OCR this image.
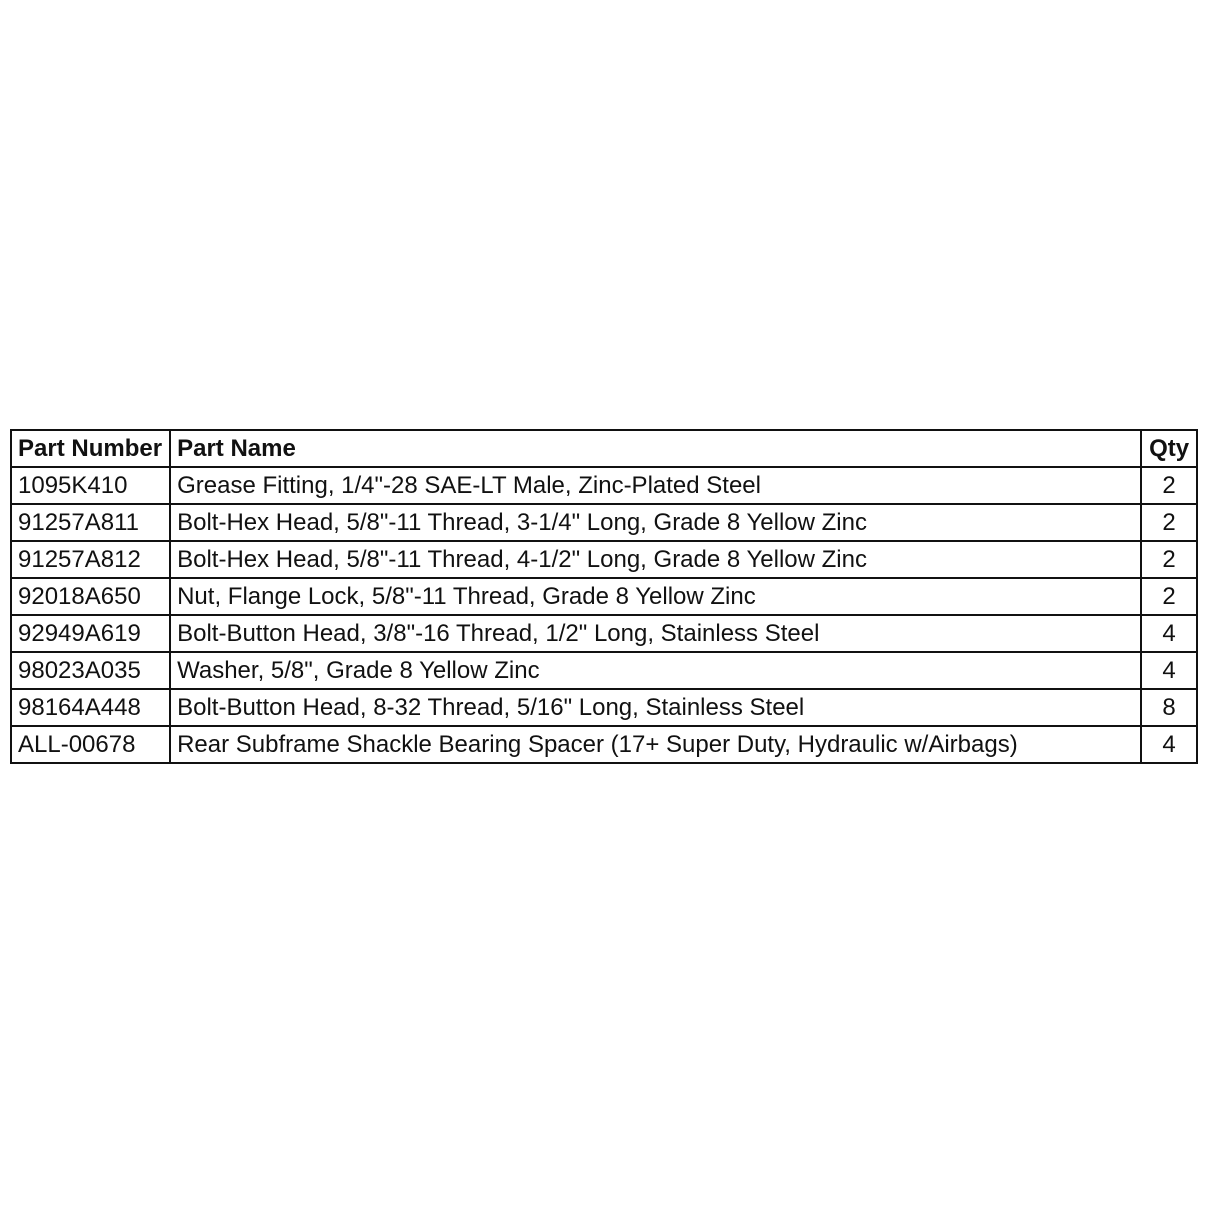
Part Number	Part Name	Qty
1095K410	Grease Fitting, 1/4"-28 SAE-LT Male, Zinc-Plated Steel	2
91257A811	Bolt-Hex Head, 5/8"-11 Thread, 3-1/4" Long, Grade 8 Yellow Zinc	2
91257A812	Bolt-Hex Head, 5/8"-11 Thread, 4-1/2" Long, Grade 8 Yellow Zinc	2
92018A650	Nut, Flange Lock, 5/8"-11 Thread, Grade 8 Yellow Zinc	2
92949A619	Bolt-Button Head, 3/8"-16 Thread, 1/2" Long, Stainless Steel	4
98023A035	Washer, 5/8", Grade 8 Yellow Zinc	4
98164A448	Bolt-Button Head, 8-32 Thread, 5/16" Long, Stainless Steel	8
ALL-00678	Rear Subframe Shackle Bearing Spacer (17+ Super Duty, Hydraulic w/Airbags)	4
